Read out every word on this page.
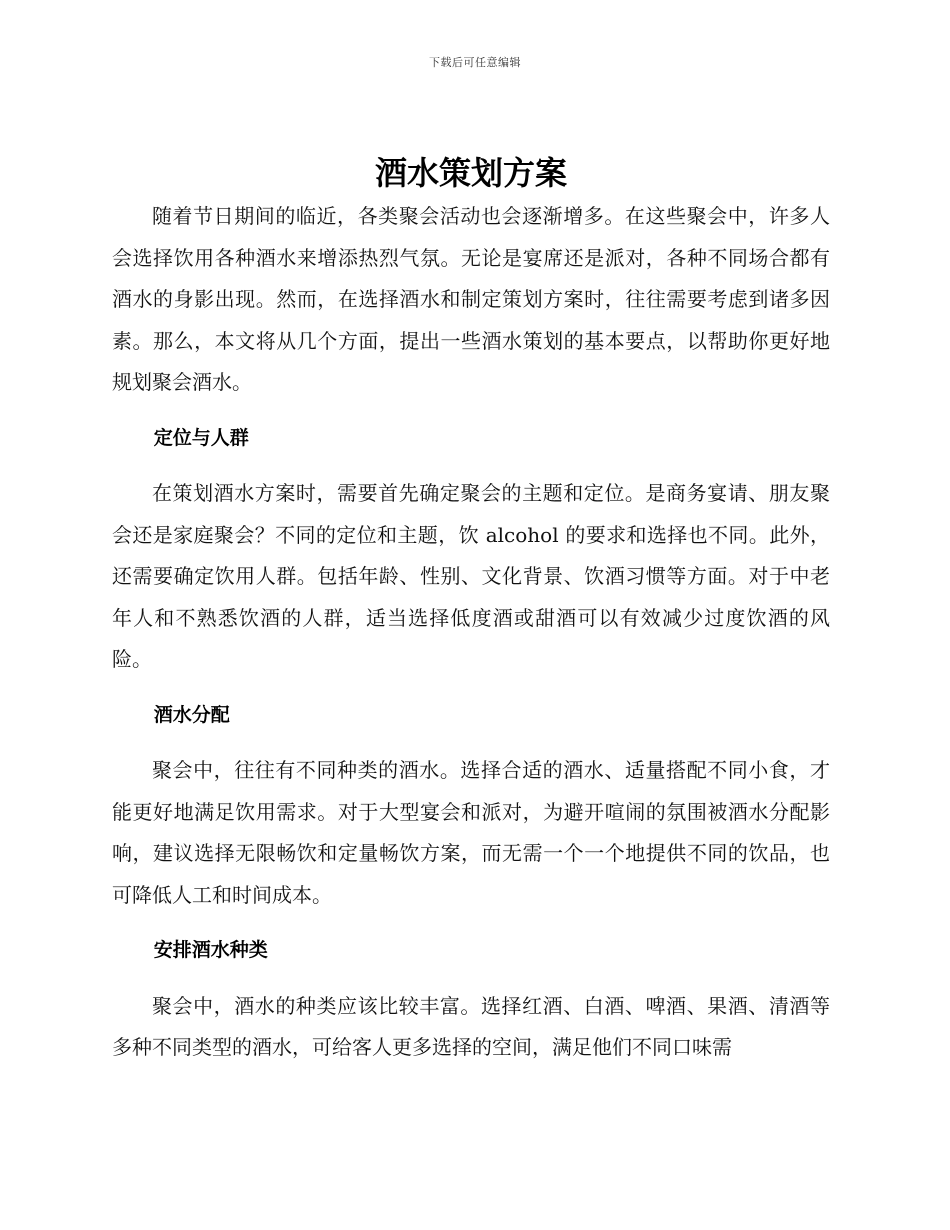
下载后可任意编辑
酒水策划方案

随着节日期间的临近，各类聚会活动也会逐渐增多。在这些聚会中，许多人会选择饮用各种酒水来增添热烈气氛。无论是宴席还是派对，各种不同场合都有酒水的身影出现。然而，在选择酒水和制定策划方案时，往往需要考虑到诸多因素。那么，本文将从几个方面，提出一些酒水策划的基本要点，以帮助你更好地规划聚会酒水。

定位与人群

在策划酒水方案时，需要首先确定聚会的主题和定位。是商务宴请、朋友聚会还是家庭聚会？不同的定位和主题，饮 alcohol 的要求和选择也不同。此外，还需要确定饮用人群。包括年龄、性别、文化背景、饮酒习惯等方面。对于中老年人和不熟悉饮酒的人群，适当选择低度酒或甜酒可以有效减少过度饮酒的风险。

酒水分配

聚会中，往往有不同种类的酒水。选择合适的酒水、适量搭配不同小食，才能更好地满足饮用需求。对于大型宴会和派对，为避开喧闹的氛围被酒水分配影响，建议选择无限畅饮和定量畅饮方案，而无需一个一个地提供不同的饮品，也可降低人工和时间成本。

安排酒水种类

聚会中，酒水的种类应该比较丰富。选择红酒、白酒、啤酒、果酒、清酒等多种不同类型的酒水，可给客人更多选择的空间，满足他们不同口味需
